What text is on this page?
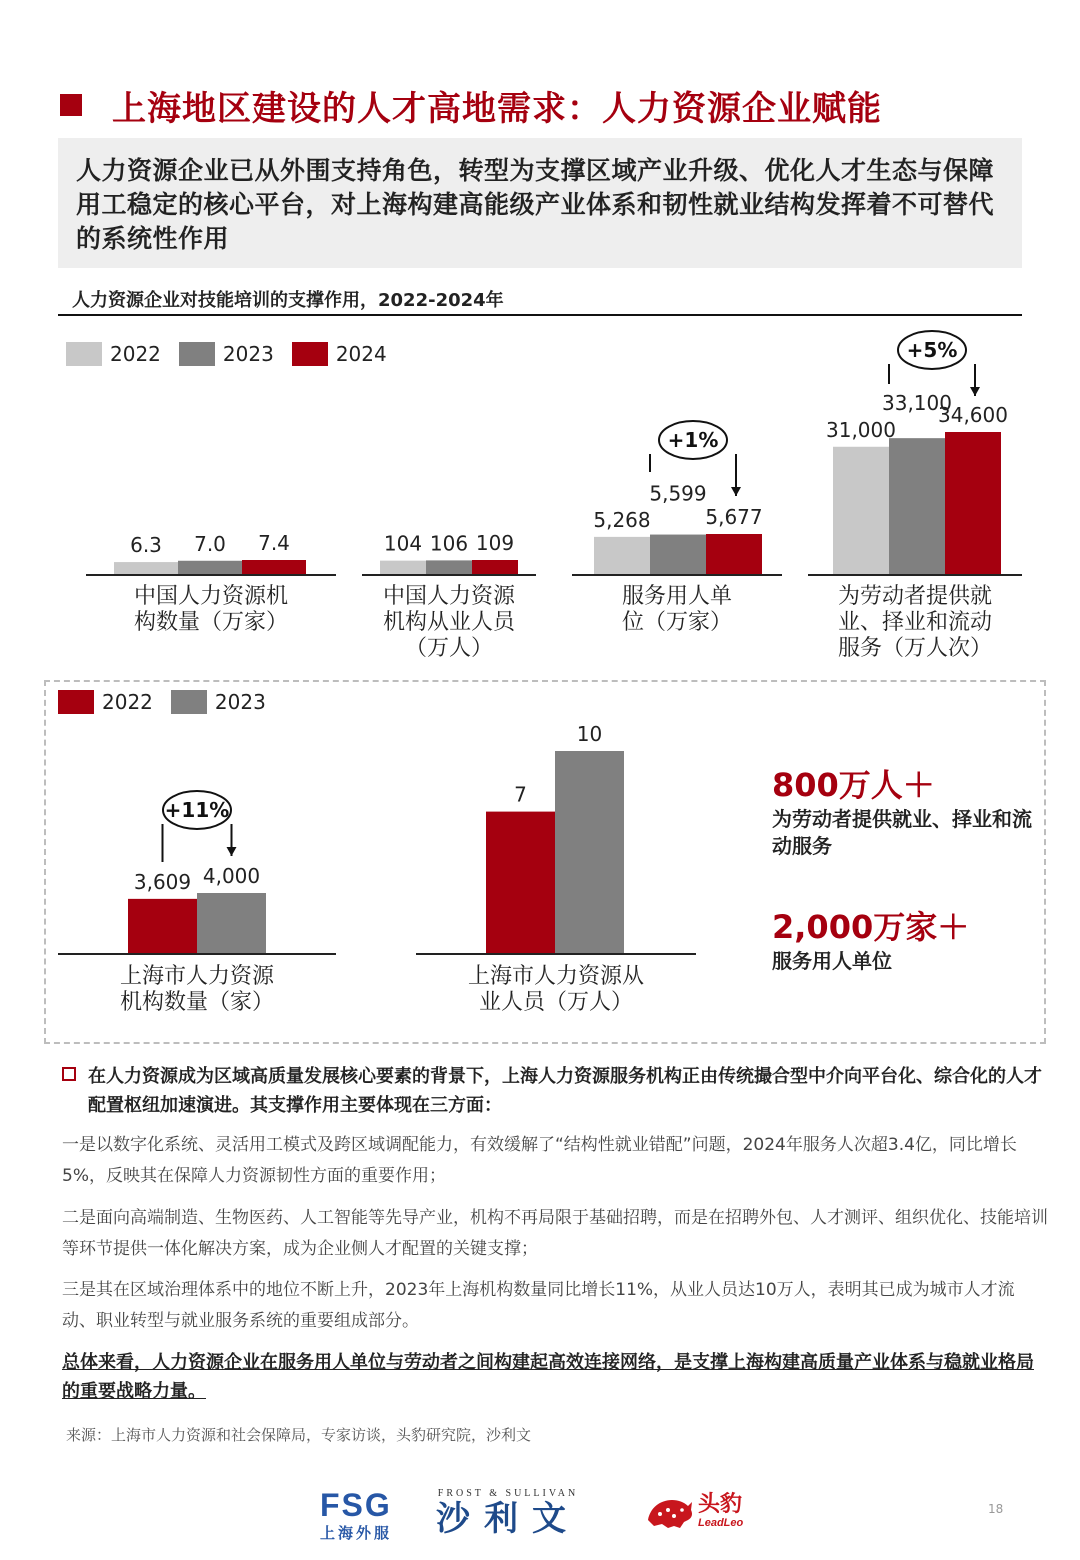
上海地区建设的人才高地需求：人力资源企业赋能
人力资源企业已从外围支持角色，转型为支撑区域产业升级、优化人才生态与保障用工稳定的核心平台，对上海构建高能级产业体系和韧性就业结构发挥着不可替代的系统性作用
人力资源企业对技能培训的支撑作用，2022-2024年
2022	2023	2024
2022	2023
6.3 7.0 7.4
中国人力资源机
构数量（万家）
104 106 109
中国人力资源
机构从业人员
（万人）
5,268
5,599
5,677
服务用人单
位（万家）
+1%	31,000
33,100
34,600
为劳动者提供就
业、择业和流动
服务（万人次）
+5%
3,609 4,000
上海市人力资源
机构数量（家）
+11%
7
10
上海市人力资源从
业人员（万人）
800万人＋
为劳动者提供就业、择业和流动服务
2,000万家＋
服务用人单位
在人力资源成为区域高质量发展核心要素的背景下，上海人力资源服务机构正由传统撮合型中介向平台化、综合化的人才配置枢纽加速演进。其支撑作用主要体现在三方面：
一是以数字化系统、灵活用工模式及跨区域调配能力，有效缓解了“结构性就业错配”问题，2024年服务人次超3.4亿，同比增长5%，反映其在保障人力资源韧性方面的重要作用；
二是面向高端制造、生物医药、人工智能等先导产业，机构不再局限于基础招聘，而是在招聘外包、人才测评、组织优化、技能培训等环节提供一体化解决方案，成为企业侧人才配置的关键支撑；
三是其在区域治理体系中的地位不断上升，2023年上海机构数量同比增长11%，从业人员达10万人，表明其已成为城市人才流动、职业转型与就业服务系统的重要组成部分。
总体来看，人力资源企业在服务用人单位与劳动者之间构建起高效连接网络，是支撑上海构建高质量产业体系与稳就业格局的重要战略力量。
来源：上海市人力资源和社会保障局，专家访谈，头豹研究院，沙利文
FSG
上海外服
FROST & SULLIVAN
沙利文	头豹
LeadLeo
18
